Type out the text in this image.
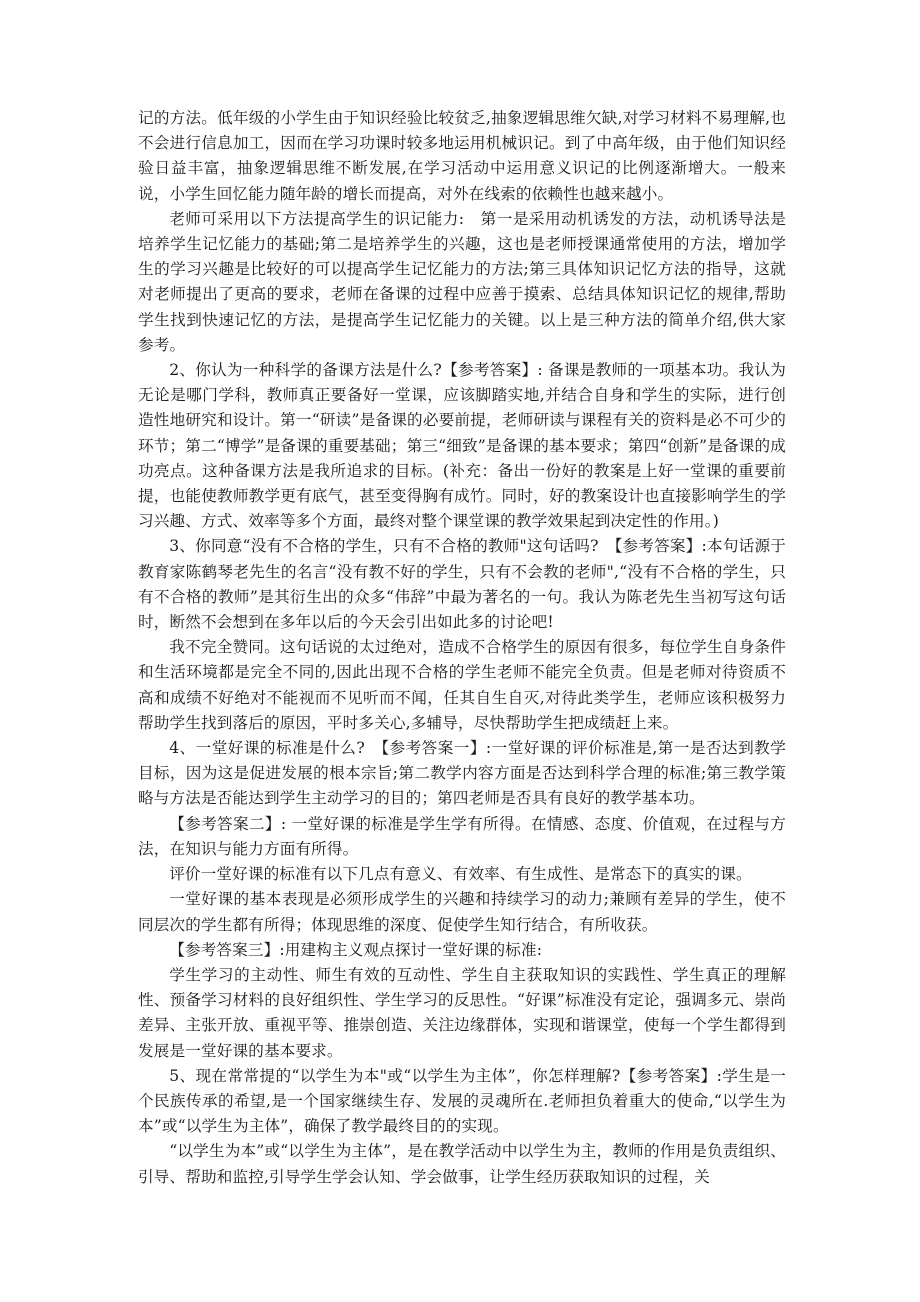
记的方法。低年级的小学生由于知识经验比较贫乏,抽象逻辑思维欠缺,对学习材料不易理解,也不会进行信息加工，因而在学习功课时较多地运用机械识记。到了中高年级，由于他们知识经验日益丰富，抽象逻辑思维不断发展,在学习活动中运用意义识记的比例逐渐增大。一般来说，小学生回忆能力随年龄的增长而提高，对外在线索的依赖性也越来越小。

老师可采用以下方法提高学生的识记能力:　第一是采用动机诱发的方法，动机诱导法是培养学生记忆能力的基础;第二是培养学生的兴趣，这也是老师授课通常使用的方法，增加学生的学习兴趣是比较好的可以提高学生记忆能力的方法;第三具体知识记忆方法的指导，这就对老师提出了更高的要求，老师在备课的过程中应善于摸索、总结具体知识记忆的规律,帮助学生找到快速记忆的方法，是提高学生记忆能力的关键。以上是三种方法的简单介绍,供大家参考。

2、你认为一种科学的备课方法是什么?【参考答案】: 备课是教师的一项基本功。我认为无论是哪门学科，教师真正要备好一堂课，应该脚踏实地,并结合自身和学生的实际，进行创造性地研究和设计。第一“研读”是备课的必要前提，老师研读与课程有关的资料是必不可少的环节；第二“博学”是备课的重要基础；第三“细致”是备课的基本要求；第四“创新”是备课的成功亮点。这种备课方法是我所追求的目标。(补充：备出一份好的教案是上好一堂课的重要前提，也能使教师教学更有底气，甚至变得胸有成竹。同时，好的教案设计也直接影响学生的学习兴趣、方式、效率等多个方面，最终对整个课堂课的教学效果起到决定性的作用。)

3、你同意“没有不合格的学生，只有不合格的教师"这句话吗?　【参考答案】:本句话源于教育家陈鹤琴老先生的名言“没有教不好的学生，只有不会教的老师",“没有不合格的学生，只有不合格的教师”是其衍生出的众多“伟辞”中最为著名的一句。我认为陈老先生当初写这句话时，断然不会想到在多年以后的今天会引出如此多的讨论吧!

我不完全赞同。这句话说的太过绝对，造成不合格学生的原因有很多，每位学生自身条件和生活环境都是完全不同的,因此出现不合格的学生老师不能完全负责。但是老师对待资质不高和成绩不好绝对不能视而不见听而不闻，任其自生自灭,对待此类学生，老师应该积极努力帮助学生找到落后的原因，平时多关心,多辅导，尽快帮助学生把成绩赶上来。

4、一堂好课的标准是什么?　【参考答案一】:一堂好课的评价标准是,第一是否达到教学目标，因为这是促进发展的根本宗旨;第二教学内容方面是否达到科学合理的标准;第三教学策略与方法是否能达到学生主动学习的目的；第四老师是否具有良好的教学基本功。

【参考答案二】: 一堂好课的标准是学生学有所得。在情感、态度、价值观，在过程与方法，在知识与能力方面有所得。

评价一堂好课的标准有以下几点有意义、有效率、有生成性、是常态下的真实的课。

一堂好课的基本表现是必须形成学生的兴趣和持续学习的动力;兼顾有差异的学生，使不同层次的学生都有所得；体现思维的深度、促使学生知行结合，有所收获。

【参考答案三】:用建构主义观点探讨一堂好课的标准:

学生学习的主动性、师生有效的互动性、学生自主获取知识的实践性、学生真正的理解性、预备学习材料的良好组织性、学生学习的反思性。“好课”标准没有定论，强调多元、崇尚差异、主张开放、重视平等、推崇创造、关注边缘群体，实现和谐课堂，使每一个学生都得到发展是一堂好课的基本要求。

5、现在常常提的“以学生为本"或“以学生为主体”，你怎样理解?【参考答案】:学生是一个民族传承的希望,是一个国家继续生存、发展的灵魂所在.老师担负着重大的使命,“以学生为本”或“以学生为主体”，确保了教学最终目的的实现。

“以学生为本”或“以学生为主体”，是在教学活动中以学生为主，教师的作用是负责组织、引导、帮助和监控,引导学生学会认知、学会做事，让学生经历获取知识的过程，关
